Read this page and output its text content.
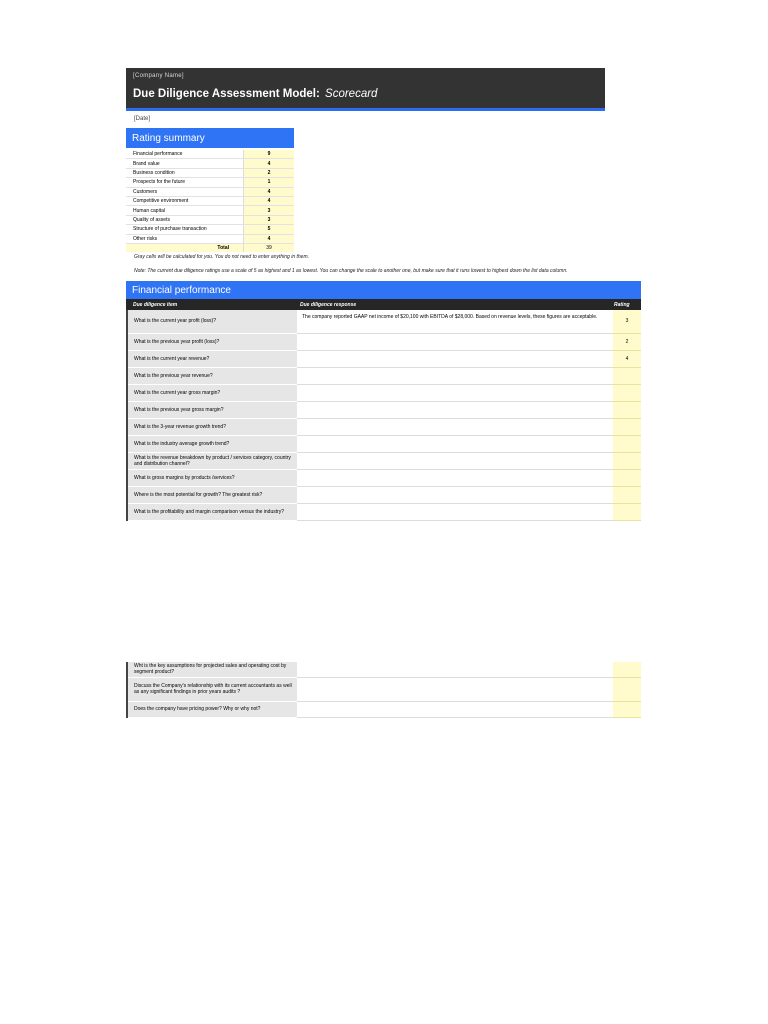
[Company Name]
Due Diligence Assessment Model: Scorecard
[Date]
Rating summary
Financial performance	9
Brand value	4
Business condition	2
Prospects for the future	1
Customers	4
Competitive environment	4
Human capital	3
Quality of assets	3
Structure of purchase transaction	5
Other risks	4
Total	39
Gray cells will be calculated for you. You do not need to enter anything in them.
Note: The current due diligence ratings use a scale of 5 as highest and 1 as lowest. You can change the scale to another one, but make sure that it runs lowest to highest down the list data column.
Financial performance
Due diligence item	Due diligence response	Rating
What is the current year profit (loss)?	The company reported GAAP net income of $20,100 with EBITDA of $28,000. Based on revenue levels, these figures are acceptable.	3
What is the previous year profit (loss)?		2
What is the current year revenue?		4
What is the previous year revenue?		
What is the current year gross margin?		
What is the previous year gross margin?		
What is the 3-year revenue growth trend?		
What is the industry average growth trend?		
What is the revenue breakdown by product / services category, country and distribution channel?		
What is gross margins by products /services?		
Where is the most potential for growth? The greatest risk?		
What is the profitability and margin comparison versus the industry?		
Wht is the key assumptions for projected sales and operating cost by segment product?		
Discuss the Company's relationship with its current accountants as well as any significant findings in prior years audits ?		
Does the company have pricing power? Why or why not?		
